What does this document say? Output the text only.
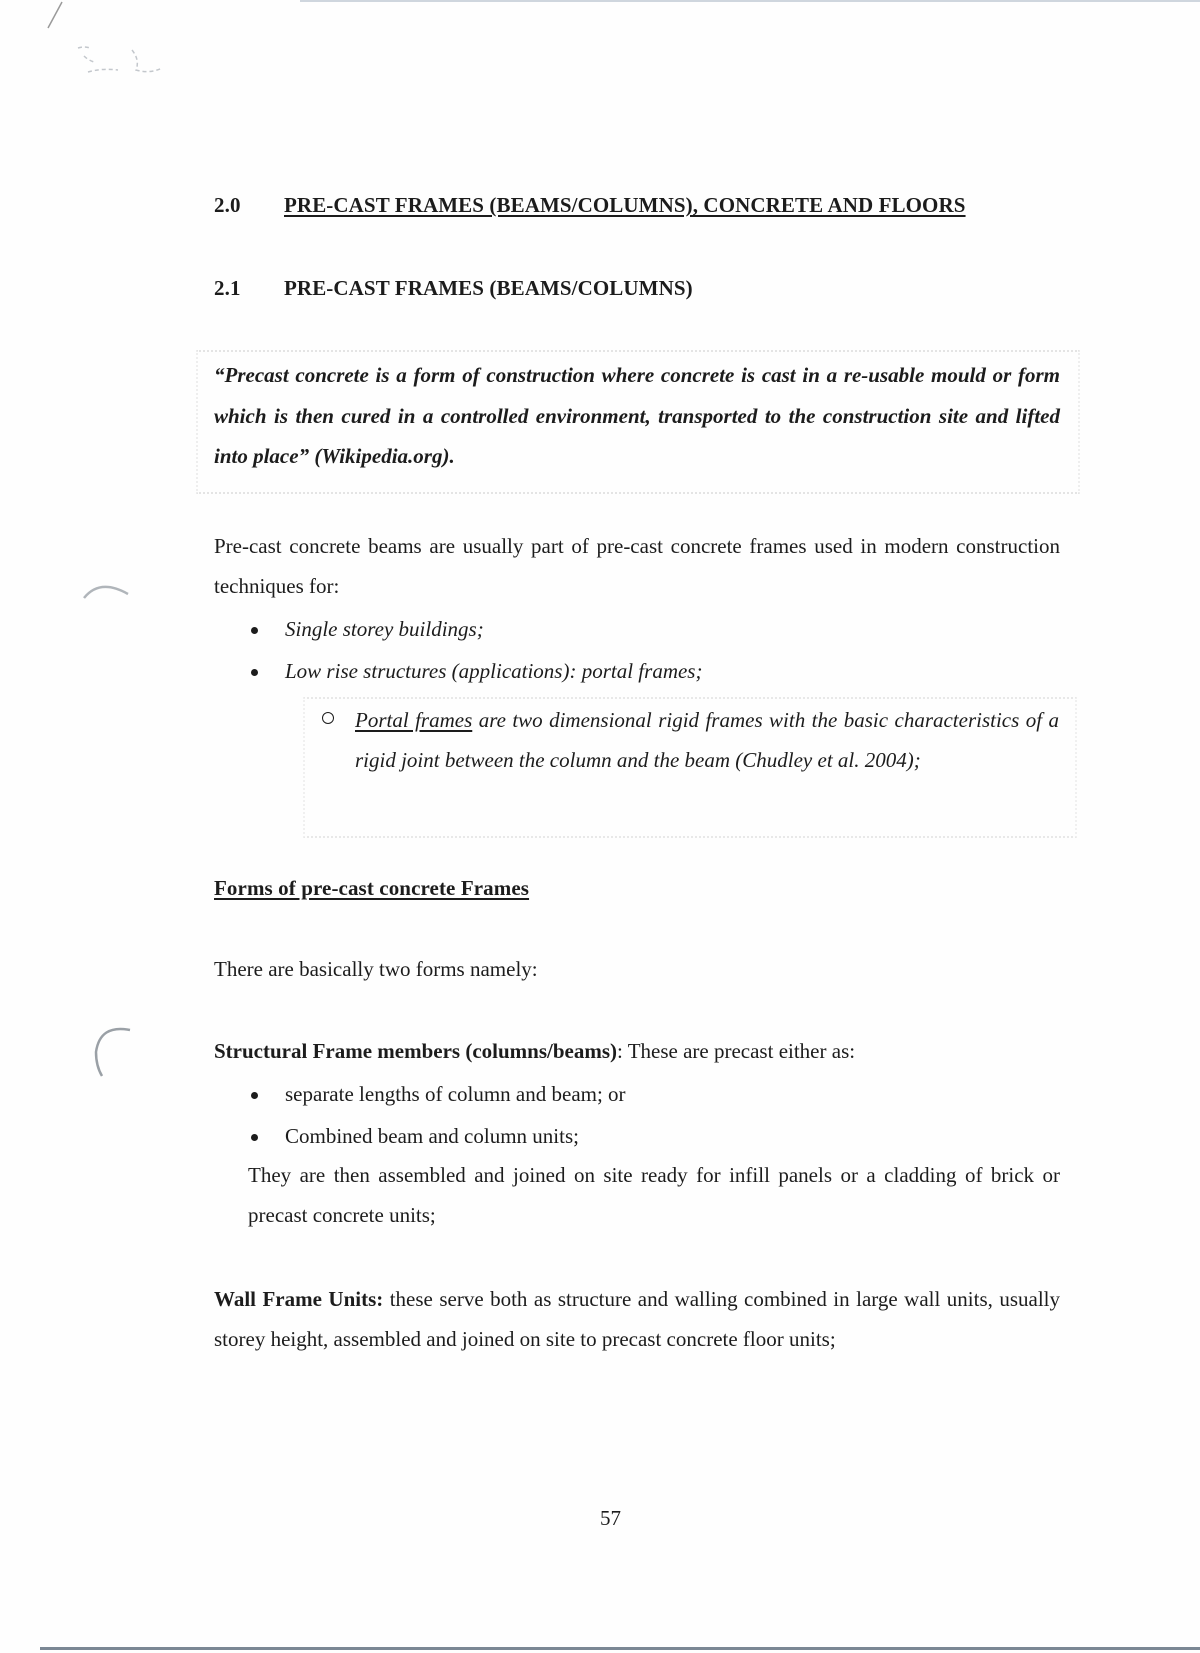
2.0 PRE-CAST FRAMES (BEAMS/COLUMNS), CONCRETE AND FLOORS
2.1 PRE-CAST FRAMES (BEAMS/COLUMNS)
“Precast concrete is a form of construction where concrete is cast in a re-usable mould or form which is then cured in a controlled environment, transported to the construction site and lifted into place” (Wikipedia.org).
Pre-cast concrete beams are usually part of pre-cast concrete frames used in modern construction techniques for:
Single storey buildings;
Low rise structures (applications): portal frames;
Portal frames are two dimensional rigid frames with the basic characteristics of a rigid joint between the column and the beam (Chudley et al. 2004);
Forms of pre-cast concrete Frames
There are basically two forms namely:
Structural Frame members (columns/beams): These are precast either as:
separate lengths of column and beam; or
Combined beam and column units;
They are then assembled and joined on site ready for infill panels or a cladding of brick or precast concrete units;
Wall Frame Units: these serve both as structure and walling combined in large wall units, usually storey height, assembled and joined on site to precast concrete floor units;
57
